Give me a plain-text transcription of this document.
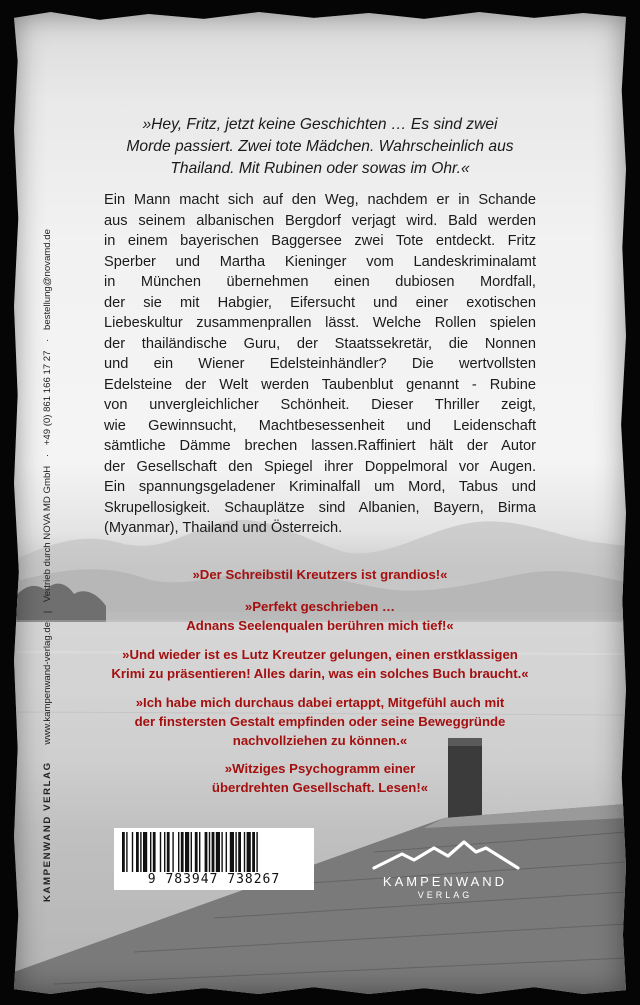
KAMPENWAND VERLAG www.kampenwand-verlag.de | Vertrieb durch NOVA MD GmbH · +49 (0) 861 166 17 27 · bestellung@novamd.de
»Hey, Fritz, jetzt keine Geschichten … Es sind zwei
Morde passiert. Zwei tote Mädchen. Wahrscheinlich aus
Thailand. Mit Rubinen oder sowas im Ohr.«
Ein Mann macht sich auf den Weg, nachdem er in Schande
aus seinem albanischen Bergdorf verjagt wird. Bald werden
in einem bayerischen Baggersee zwei Tote entdeckt. Fritz
Sperber und Martha Kieninger vom Landeskriminalamt
in München übernehmen einen dubiosen Mordfall,
der sie mit Habgier, Eifersucht und einer exotischen
Liebeskultur zusammenprallen lässt. Welche Rollen spielen
der thailändische Guru, der Staatssekretär, die Nonnen
und ein Wiener Edelsteinhändler? Die wertvollsten
Edelsteine der Welt werden Taubenblut genannt - Rubine
von unvergleichlicher Schönheit. Dieser Thriller zeigt,
wie Gewinnsucht, Machtbesessenheit und Leidenschaft
sämtliche Dämme brechen lassen.Raffiniert hält der Autor
der Gesellschaft den Spiegel ihrer Doppelmoral vor Augen.
Ein spannungsgeladener Kriminalfall um Mord, Tabus und
Skrupellosigkeit. Schauplätze sind Albanien, Bayern, Birma
(Myanmar), Thailand und Österreich.
»Der Schreibstil Kreutzers ist grandios!«
»Perfekt geschrieben …
Adnans Seelenqualen berühren mich tief!«
»Und wieder ist es Lutz Kreutzer gelungen, einen erstklassigen
Krimi zu präsentieren! Alles darin, was ein solches Buch braucht.«
»Ich habe mich durchaus dabei ertappt, Mitgefühl auch mit
der finstersten Gestalt empfinden oder seine Beweggründe
nachvollziehen zu können.«
»Witziges Psychogramm einer
überdrehten Gesellschaft. Lesen!«
9 783947 738267	KAMPENWAND
VERLAG
